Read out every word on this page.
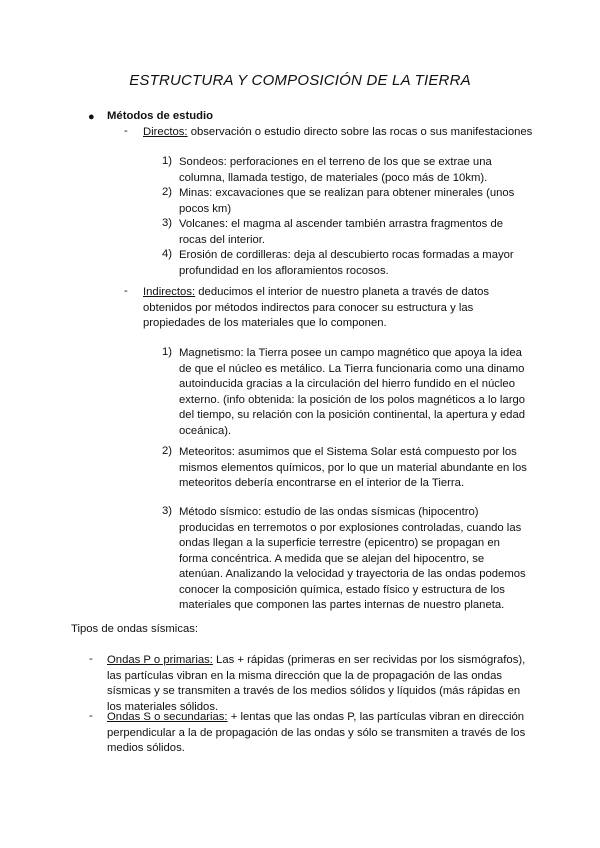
ESTRUCTURA Y COMPOSICIÓN DE LA TIERRA
● Métodos de estudio
- Directos: observación o estudio directo sobre las rocas o sus manifestaciones
1) Sondeos: perforaciones en el terreno de los que se extrae una columna, llamada testigo, de materiales (poco más de 10km).
2) Minas: excavaciones que se realizan para obtener minerales (unos pocos km)
3) Volcanes: el magma al ascender también arrastra fragmentos de rocas del interior.
4) Erosión de cordilleras: deja al descubierto rocas formadas a mayor profundidad en los afloramientos rocosos.
- Indirectos: deducimos el interior de nuestro planeta a través de datos obtenidos por métodos indirectos para conocer su estructura y las propiedades de los materiales que lo componen.
1) Magnetismo: la Tierra posee un campo magnético que apoya la idea de que el núcleo es metálico. La Tierra funcionaria como una dinamo autoinducida gracias a la circulación del hierro fundido en el núcleo externo. (info obtenida: la posición de los polos magnéticos a lo largo del tiempo, su relación con la posición continental, la apertura y edad oceánica).
2) Meteoritos: asumimos que el Sistema Solar está compuesto por los mismos elementos químicos, por lo que un material abundante en los meteoritos debería encontrarse en el interior de la Tierra.
3) Método sísmico: estudio de las ondas sísmicas (hipocentro) producidas en terremotos o por explosiones controladas, cuando las ondas llegan a la superficie terrestre (epicentro) se propagan en forma concéntrica. A medida que se alejan del hipocentro, se atenúan. Analizando la velocidad y trayectoria de las ondas podemos conocer la composición química, estado físico y estructura de los materiales que componen las partes internas de nuestro planeta.
Tipos de ondas sísmicas:
- Ondas P o primarias: Las + rápidas (primeras en ser recividas por los sismógrafos), las partículas vibran en la misma dirección que la de propagación de las ondas sísmicas y se transmiten a través de los medios sólidos y líquidos (más rápidas en los materiales sólidos.
- Ondas S o secundarias: + lentas que las ondas P, las partículas vibran en dirección perpendicular a la de propagación de las ondas y sólo se transmiten a través de los medios sólidos.
